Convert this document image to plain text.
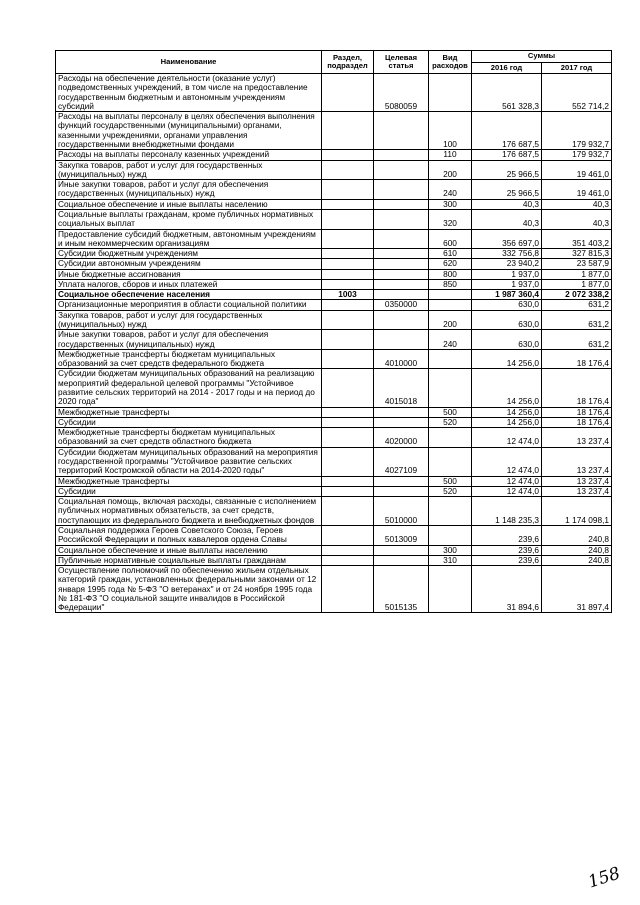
Наименование	Раздел, подраздел	Целевая статья	Вид расходов	Суммы	
				2016 год	2017 год
Расходы на обеспечение деятельности (оказание услуг) подведомственных учреждений, в том числе на предоставление государственным бюджетным и автономным учреждениям субсидий		5080059		561 328,3	552 714,2
Расходы на выплаты персоналу в целях обеспечения выполнения функций государственными (муниципальными) органами, казенными учреждениями, органами управления государственными внебюджетными фондами			100	176 687,5	179 932,7
Расходы на выплаты персоналу казенных учреждений			110	176 687,5	179 932,7
Закупка товаров, работ и услуг для государственных (муниципальных) нужд			200	25 966,5	19 461,0
Иные закупки товаров, работ и услуг для обеспечения государственных (муниципальных) нужд			240	25 966,5	19 461,0
Социальное обеспечение и иные выплаты населению			300	40,3	40,3
Социальные выплаты гражданам, кроме публичных нормативных социальных выплат			320	40,3	40,3
Предоставление субсидий бюджетным, автономным учреждениям и иным некоммерческим организациям			600	356 697,0	351 403,2
Субсидии бюджетным учреждениям			610	332 756,8	327 815,3
Субсидии автономным учреждениям			620	23 940,2	23 587,9
Иные бюджетные ассигнования			800	1 937,0	1 877,0
Уплата налогов, сборов и иных платежей			850	1 937,0	1 877,0
Социальное обеспечение населения	1003			1 987 360,4	2 072 338,2
Организационные мероприятия в области социальной политики		0350000		630,0	631,2
Закупка товаров, работ и услуг для государственных (муниципальных) нужд			200	630,0	631,2
Иные закупки товаров, работ и услуг для обеспечения государственных (муниципальных) нужд			240	630,0	631,2
Межбюджетные трансферты бюджетам муниципальных образований за счет средств федерального бюджета		4010000		14 256,0	18 176,4
Субсидии бюджетам муниципальных образований на реализацию мероприятий федеральной целевой программы "Устойчивое развитие сельских территорий на 2014 - 2017 годы и на период до 2020 года"		4015018		14 256,0	18 176,4
Межбюджетные трансферты			500	14 256,0	18 176,4
Субсидии			520	14 256,0	18 176,4
Межбюджетные трансферты бюджетам муниципальных образований за счет средств областного бюджета		4020000		12 474,0	13 237,4
Субсидии бюджетам муниципальных образований на мероприятия государственной программы "Устойчивое развитие сельских территорий Костромской области на 2014-2020 годы"		4027109		12 474,0	13 237,4
Межбюджетные трансферты			500	12 474,0	13 237,4
Субсидии			520	12 474,0	13 237,4
Социальная помощь, включая расходы, связанные с исполнением публичных нормативных обязательств, за счет средств, поступающих из федерального бюджета и внебюджетных фондов		5010000		1 148 235,3	1 174 098,1
Социальная поддержка Героев Советского Союза, Героев Российской Федерации и полных кавалеров ордена Славы		5013009		239,6	240,8
Социальное обеспечение и иные выплаты населению			300	239,6	240,8
Публичные нормативные социальные выплаты гражданам			310	239,6	240,8
Осуществление полномочий по обеспечению жильем отдельных категорий граждан, установленных федеральными законами от 12 января 1995 года № 5-ФЗ "О ветеранах" и от 24 ноября 1995 года № 181-ФЗ "О социальной защите инвалидов в Российской Федерации"		5015135		31 894,6	31 897,4
158
